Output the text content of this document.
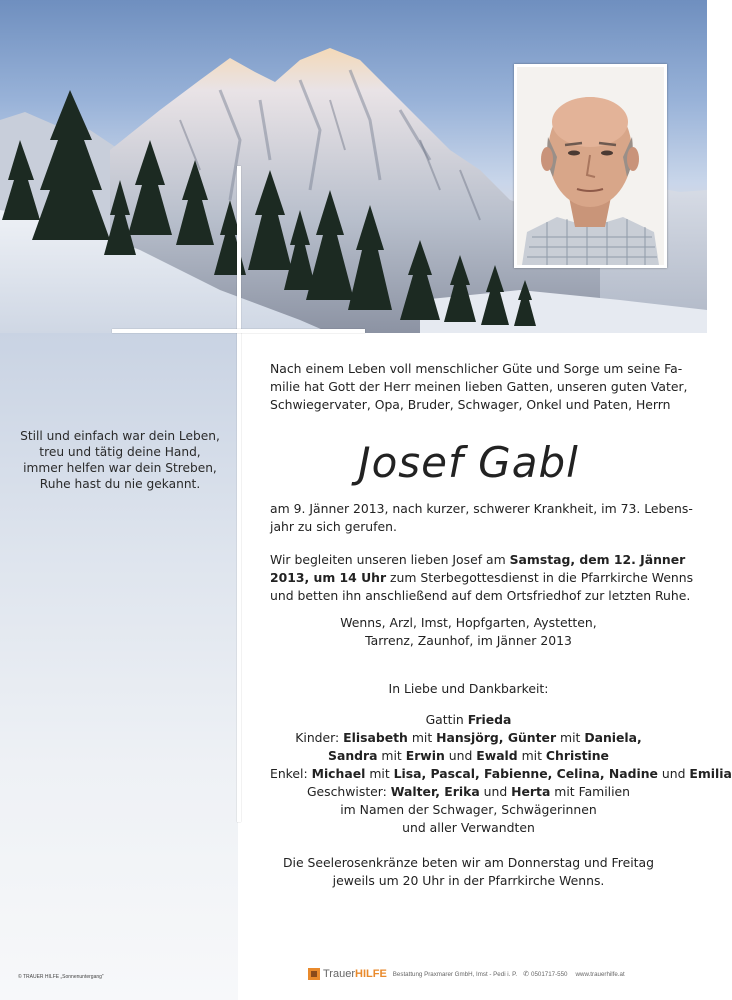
Still und einfach war dein Leben,
treu und tätig deine Hand,
immer helfen war dein Streben,
Ruhe hast du nie gekannt.
Nach einem Leben voll menschlicher Güte und Sorge um seine Fa-
milie hat Gott der Herr meinen lieben Gatten, unseren guten Vater,
Schwiegervater, Opa, Bruder, Schwager, Onkel und Paten, Herrn
Josef Gabl
am 9. Jänner 2013, nach kurzer, schwerer Krankheit, im 73. Lebens-
jahr zu sich gerufen.
Wir begleiten unseren lieben Josef am Samstag, dem 12. Jänner
2013, um 14 Uhr zum Sterbegottesdienst in die Pfarrkirche Wenns
und betten ihn anschließend auf dem Ortsfriedhof zur letzten Ruhe.
Wenns, Arzl, Imst, Hopfgarten, Aystetten,
Tarrenz, Zaunhof, im Jänner 2013
In Liebe und Dankbarkeit:
Gattin Frieda
Kinder: Elisabeth mit Hansjörg, Günter mit Daniela,
Sandra mit Erwin und Ewald mit Christine
Enkel: Michael mit Lisa, Pascal, Fabienne, Celina, Nadine und Emilia
Geschwister: Walter, Erika und Herta mit Familien
im Namen der Schwager, Schwägerinnen
und aller Verwandten
Die Seelerosenkränze beten wir am Donnerstag und Freitag
jeweils um 20 Uhr in der Pfarrkirche Wenns.
© TRAUER HILFE „Sonnenuntergang“	Trauer HILFE Bestattung Praxmarer GmbH, Imst - Pedi i. P. ✆ 0501717-550 www.trauerhilfe.at
